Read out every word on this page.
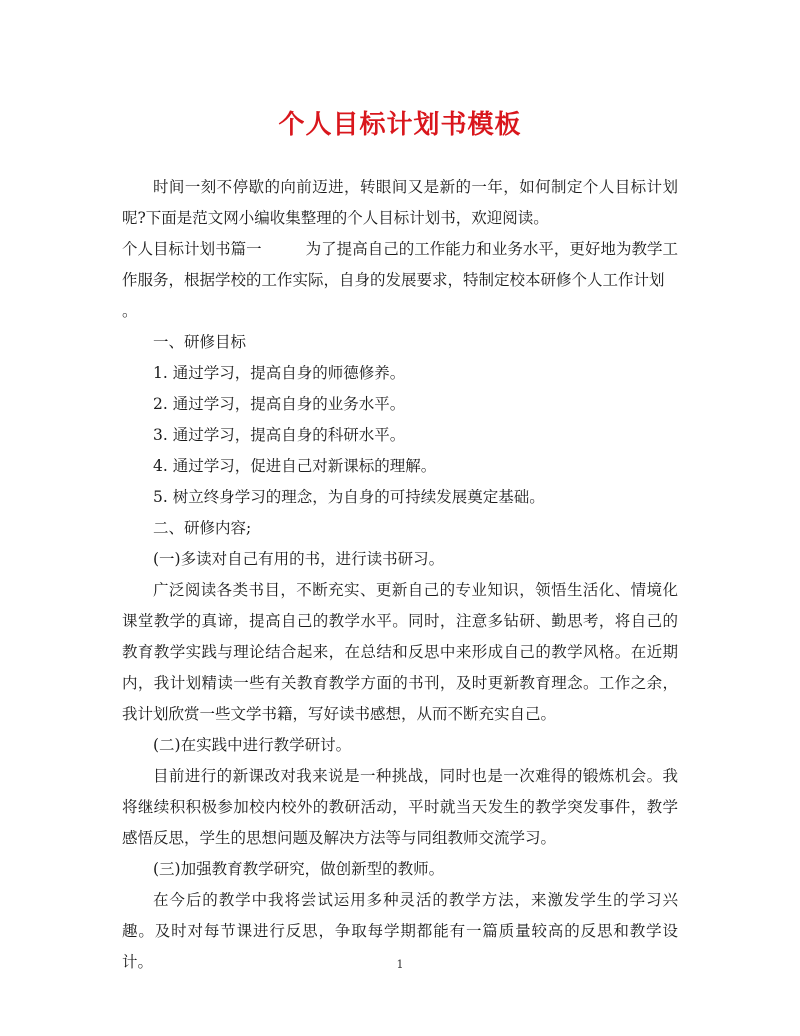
个人目标计划书模板

时间一刻不停歇的向前迈进，转眼间又是新的一年，如何制定个人目标计划呢?下面是范文网小编收集整理的个人目标计划书，欢迎阅读。

个人目标计划书篇一	为了提高自己的工作能力和业务水平，更好地为教学工作服务，根据学校的工作实际，自身的发展要求，特制定校本研修个人工作计划

。

一、研修目标

1. 通过学习，提高自身的师德修养。

2. 通过学习，提高自身的业务水平。

3. 通过学习，提高自身的科研水平。

4. 通过学习，促进自己对新课标的理解。

5. 树立终身学习的理念，为自身的可持续发展奠定基础。

二、研修内容;

(一)多读对自己有用的书，进行读书研习。

广泛阅读各类书目，不断充实、更新自己的专业知识，领悟生活化、情境化课堂教学的真谛，提高自己的教学水平。同时，注意多钻研、勤思考，将自己的教育教学实践与理论结合起来，在总结和反思中来形成自己的教学风格。在近期内，我计划精读一些有关教育教学方面的书刊，及时更新教育理念。工作之余，我计划欣赏一些文学书籍，写好读书感想，从而不断充实自己。

(二)在实践中进行教学研讨。

目前进行的新课改对我来说是一种挑战，同时也是一次难得的锻炼机会。我将继续积积极参加校内校外的教研活动，平时就当天发生的教学突发事件，教学感悟反思，学生的思想问题及解决方法等与同组教师交流学习。

(三)加强教育教学研究，做创新型的教师。

在今后的教学中我将尝试运用多种灵活的教学方法，来激发学生的学习兴趣。及时对每节课进行反思，争取每学期都能有一篇质量较高的反思和教学设计。	1
